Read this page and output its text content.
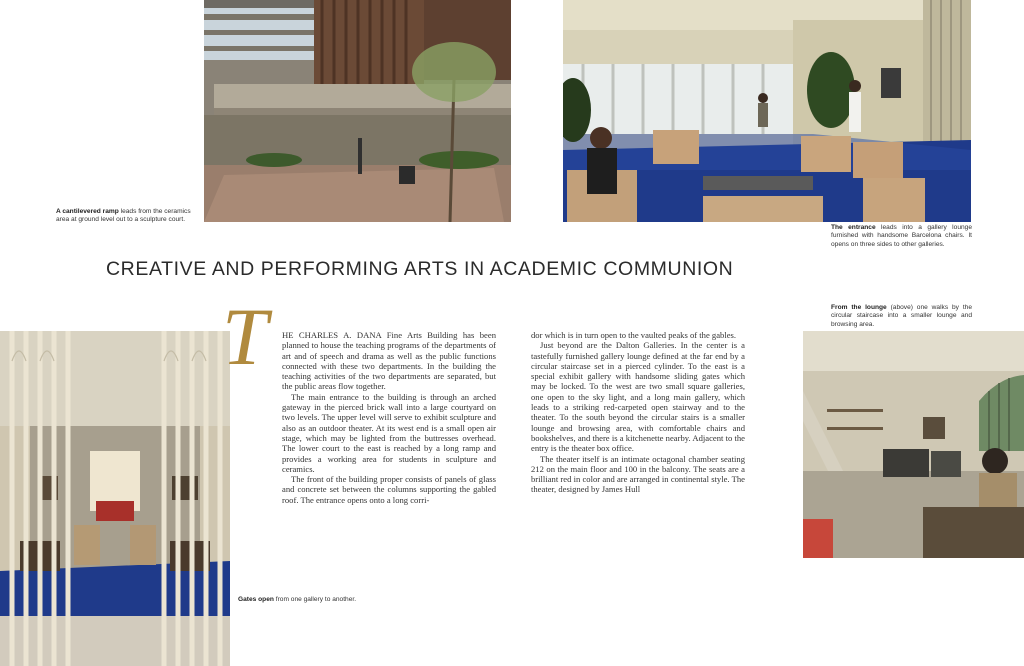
A cantilevered ramp leads from the ceramics area at ground level out to a sculpture court.
The entrance leads into a gallery lounge furnished with handsome Barcelona chairs. It opens on three sides to other galleries.
CREATIVE AND PERFORMING ARTS IN ACADEMIC COMMUNION
From the lounge (above) one walks by the circular staircase into a smaller lounge and browsing area.
Gates open from one gallery to another.
T HE CHARLES A. DANA Fine Arts Building has been planned to house the teaching programs of the departments of art and of speech and drama as well as the public functions connected with these two departments. In the building the teaching activities of the two departments are separated, but the public areas flow together.

The main entrance to the building is through an arched gateway in the pierced brick wall into a large courtyard on two levels. The upper level will serve to exhibit sculpture and also as an outdoor theater. At its west end is a small open air stage, which may be lighted from the buttresses overhead. The lower court to the east is reached by a long ramp and provides a working area for students in sculpture and ceramics.

The front of the building proper consists of panels of glass and concrete set between the columns supporting the gabled roof. The entrance opens onto a long corri-

dor which is in turn open to the vaulted peaks of the gables.

Just beyond are the Dalton Galleries. In the center is a tastefully furnished gallery lounge defined at the far end by a circular staircase set in a pierced cylinder. To the east is a special exhibit gallery with handsome sliding gates which may be locked. To the west are two small square galleries, one open to the sky light, and a long main gallery, which leads to a striking red-carpeted open stairway and to the theater. To the south beyond the circular stairs is a smaller lounge and browsing area, with comfortable chairs and bookshelves, and there is a kitchenette nearby. Adjacent to the entry is the theater box office.

The theater itself is an intimate octagonal chamber seating 212 on the main floor and 100 in the balcony. The seats are a brilliant red in color and are arranged in continental style. The theater, designed by James Hull
